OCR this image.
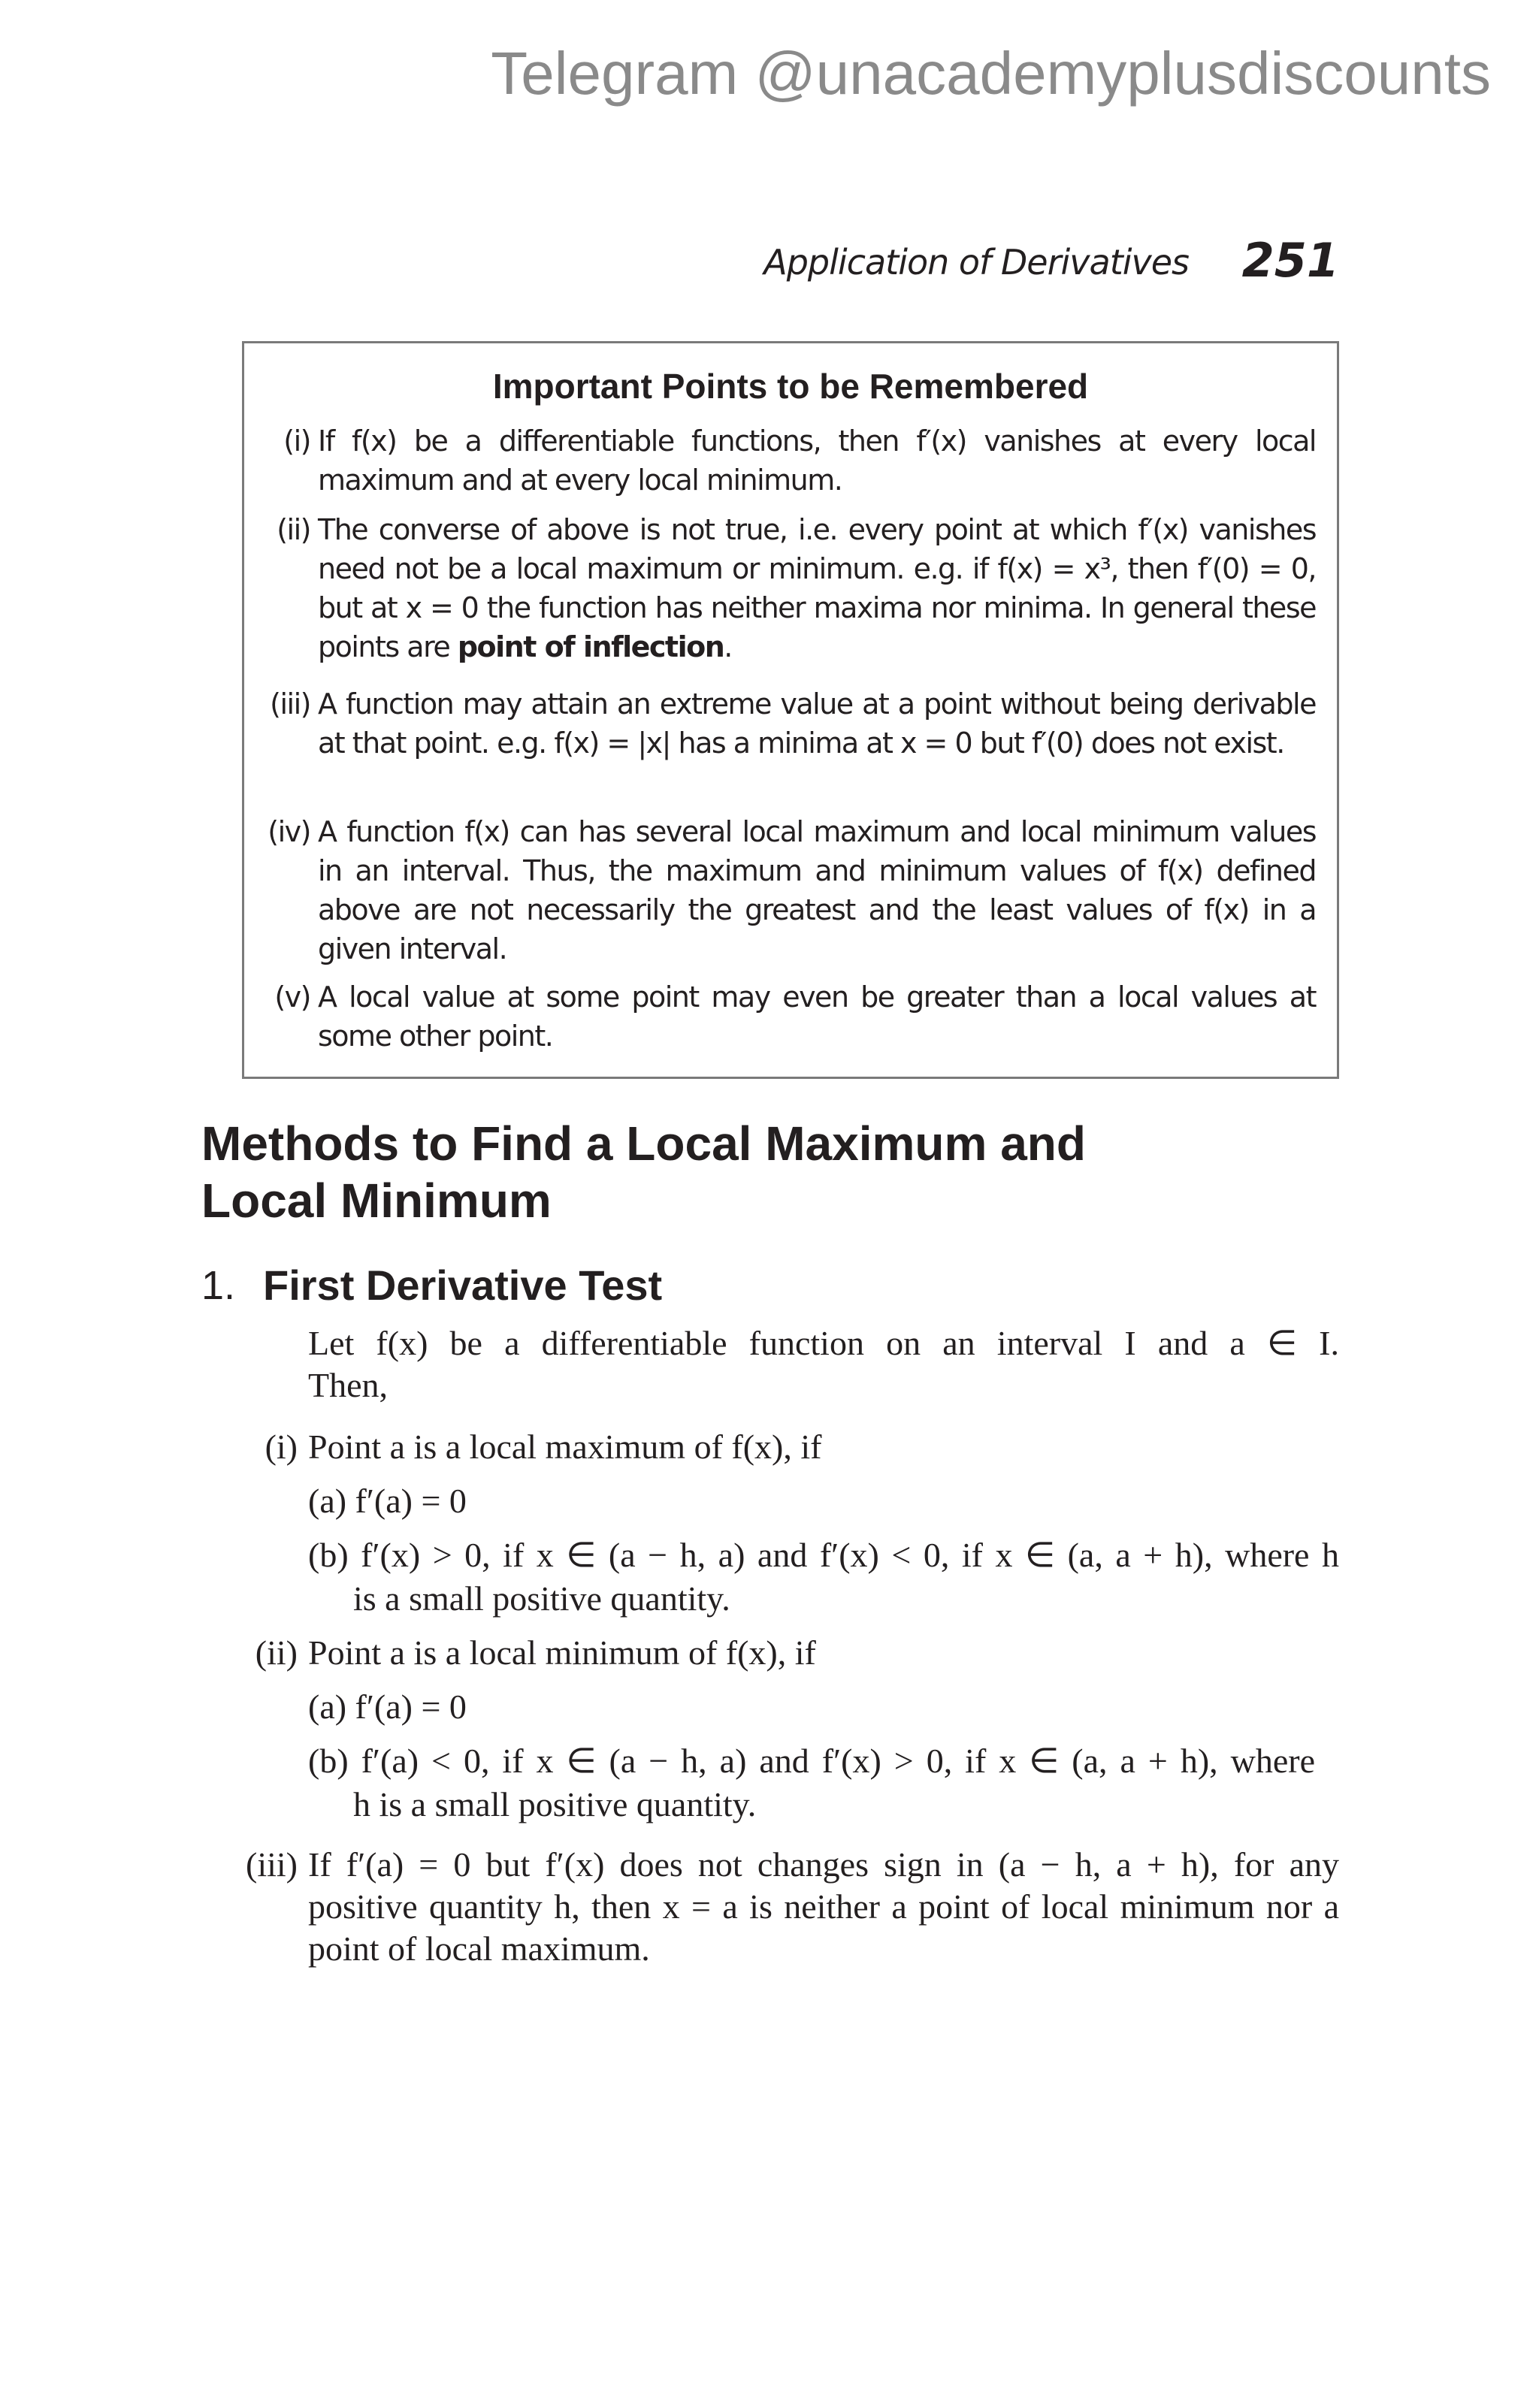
Telegram @unacademyplusdiscounts
Application of Derivatives 251
Important Points to be Remembered
(i) If f(x) be a differentiable functions, then f′(x) vanishes at every local maximum and at every local minimum.
(ii) The converse of above is not true, i.e. every point at which f′(x) vanishes need not be a local maximum or minimum. e.g. if f(x) = x³, then f′(0) = 0, but at x = 0 the function has neither maxima nor minima. In general these points are point of inflection.
(iii) A function may attain an extreme value at a point without being derivable at that point. e.g. f(x) = |x| has a minima at x = 0 but f′(0) does not exist.
(iv) A function f(x) can has several local maximum and local minimum values in an interval. Thus, the maximum and minimum values of f(x) defined above are not necessarily the greatest and the least values of f(x) in a given interval.
(v) A local value at some point may even be greater than a local values at some other point.
Methods to Find a Local Maximum and
Local Minimum
1. First Derivative Test
Let f(x) be a differentiable function on an interval I and a ∈ I.
Then,
(i) Point a is a local maximum of f(x), if
(a) f′(a) = 0
(b) f′(x) > 0, if x ∈ (a − h, a) and f′(x) < 0, if x ∈ (a, a + h), where h
is a small positive quantity.
(ii) Point a is a local minimum of f(x), if
(a) f′(a) = 0
(b) f′(a) < 0, if x ∈ (a − h, a) and f′(x) > 0, if x ∈ (a, a + h), where
h is a small positive quantity.
(iii) If f′(a) = 0 but f′(x) does not changes sign in (a − h, a + h), for any positive quantity h, then x = a is neither a point of local minimum nor a point of local maximum.
